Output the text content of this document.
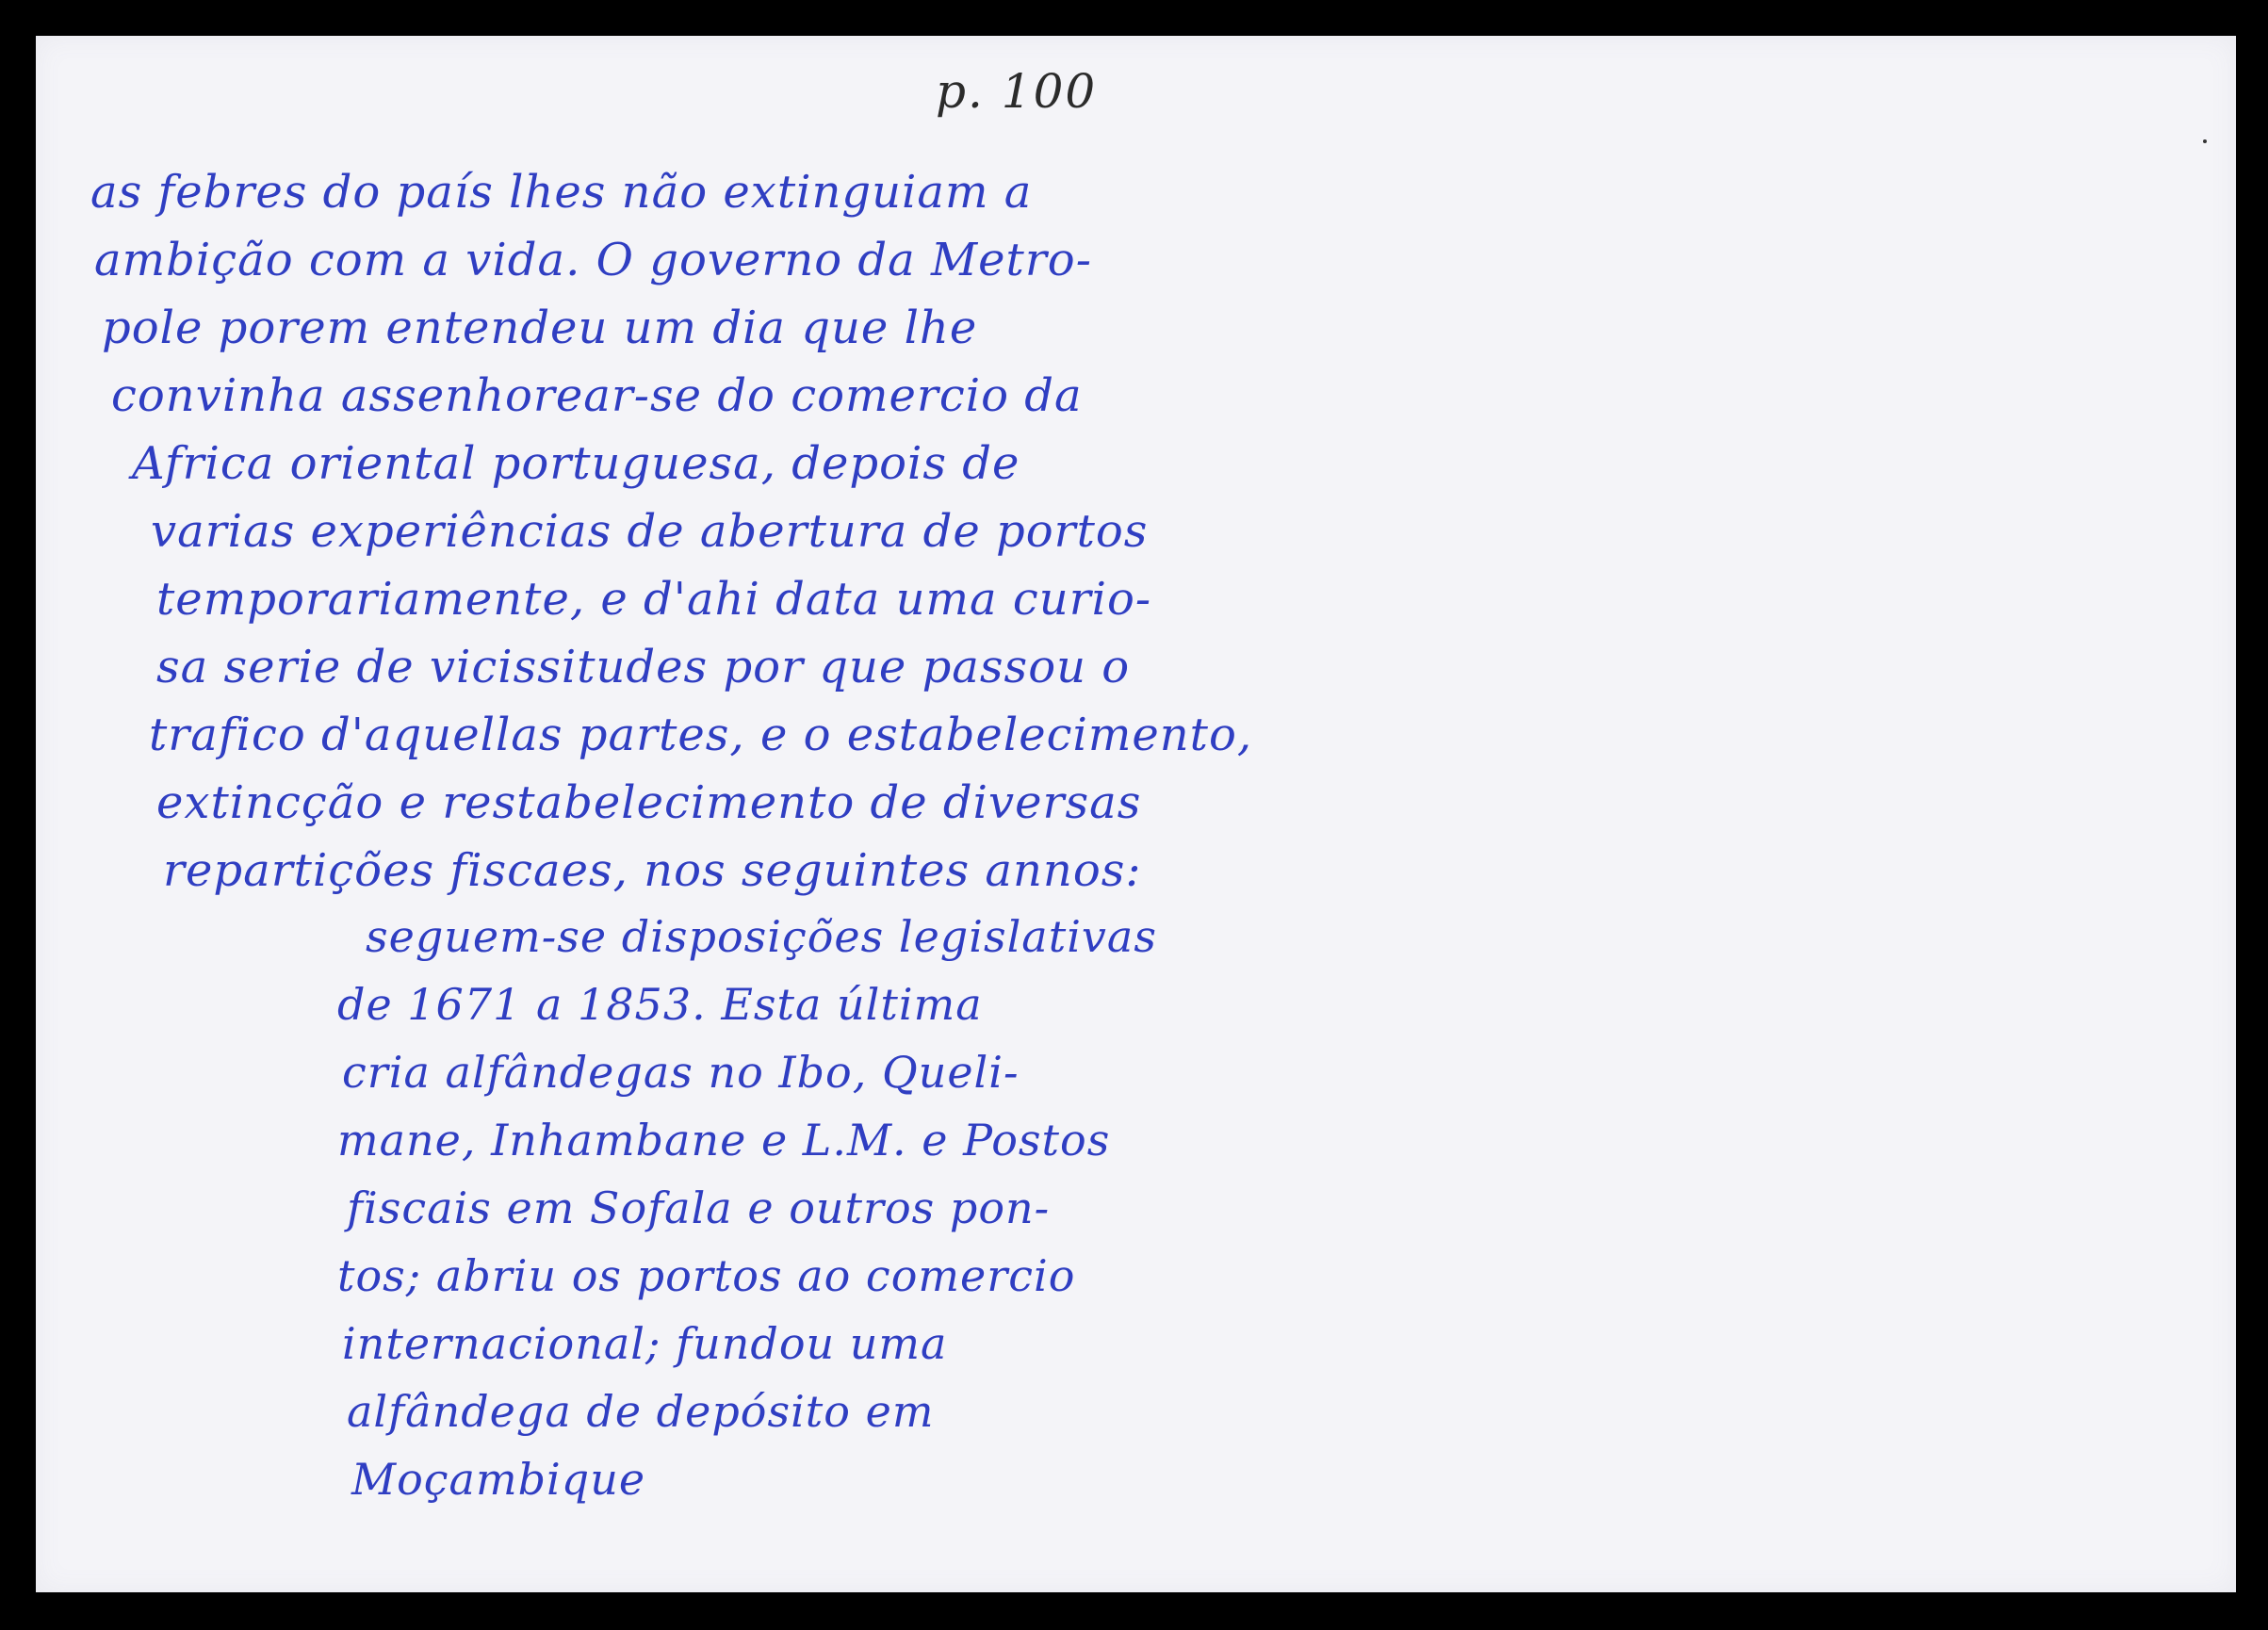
p. 100
as febres do país lhes não extinguiam a
ambição com a vida. O governo da Metro-
pole porem entendeu um dia que lhe
convinha assenhorear-se do comercio da
Africa oriental portuguesa, depois de
varias experiências de abertura de portos
temporariamente, e d'ahi data uma curio-
sa serie de vicissitudes por que passou o
trafico d'aquellas partes, e o estabelecimento,
extincção e restabelecimento de diversas
repartições fiscaes, nos seguintes annos:
seguem-se disposições legislativas
de 1671 a 1853. Esta última
cria alfândegas no Ibo, Queli-
mane, Inhambane e L.M. e Postos
fiscais em Sofala e outros pon-
tos; abriu os portos ao comercio
internacional; fundou uma
alfândega de depósito em
Moçambique
